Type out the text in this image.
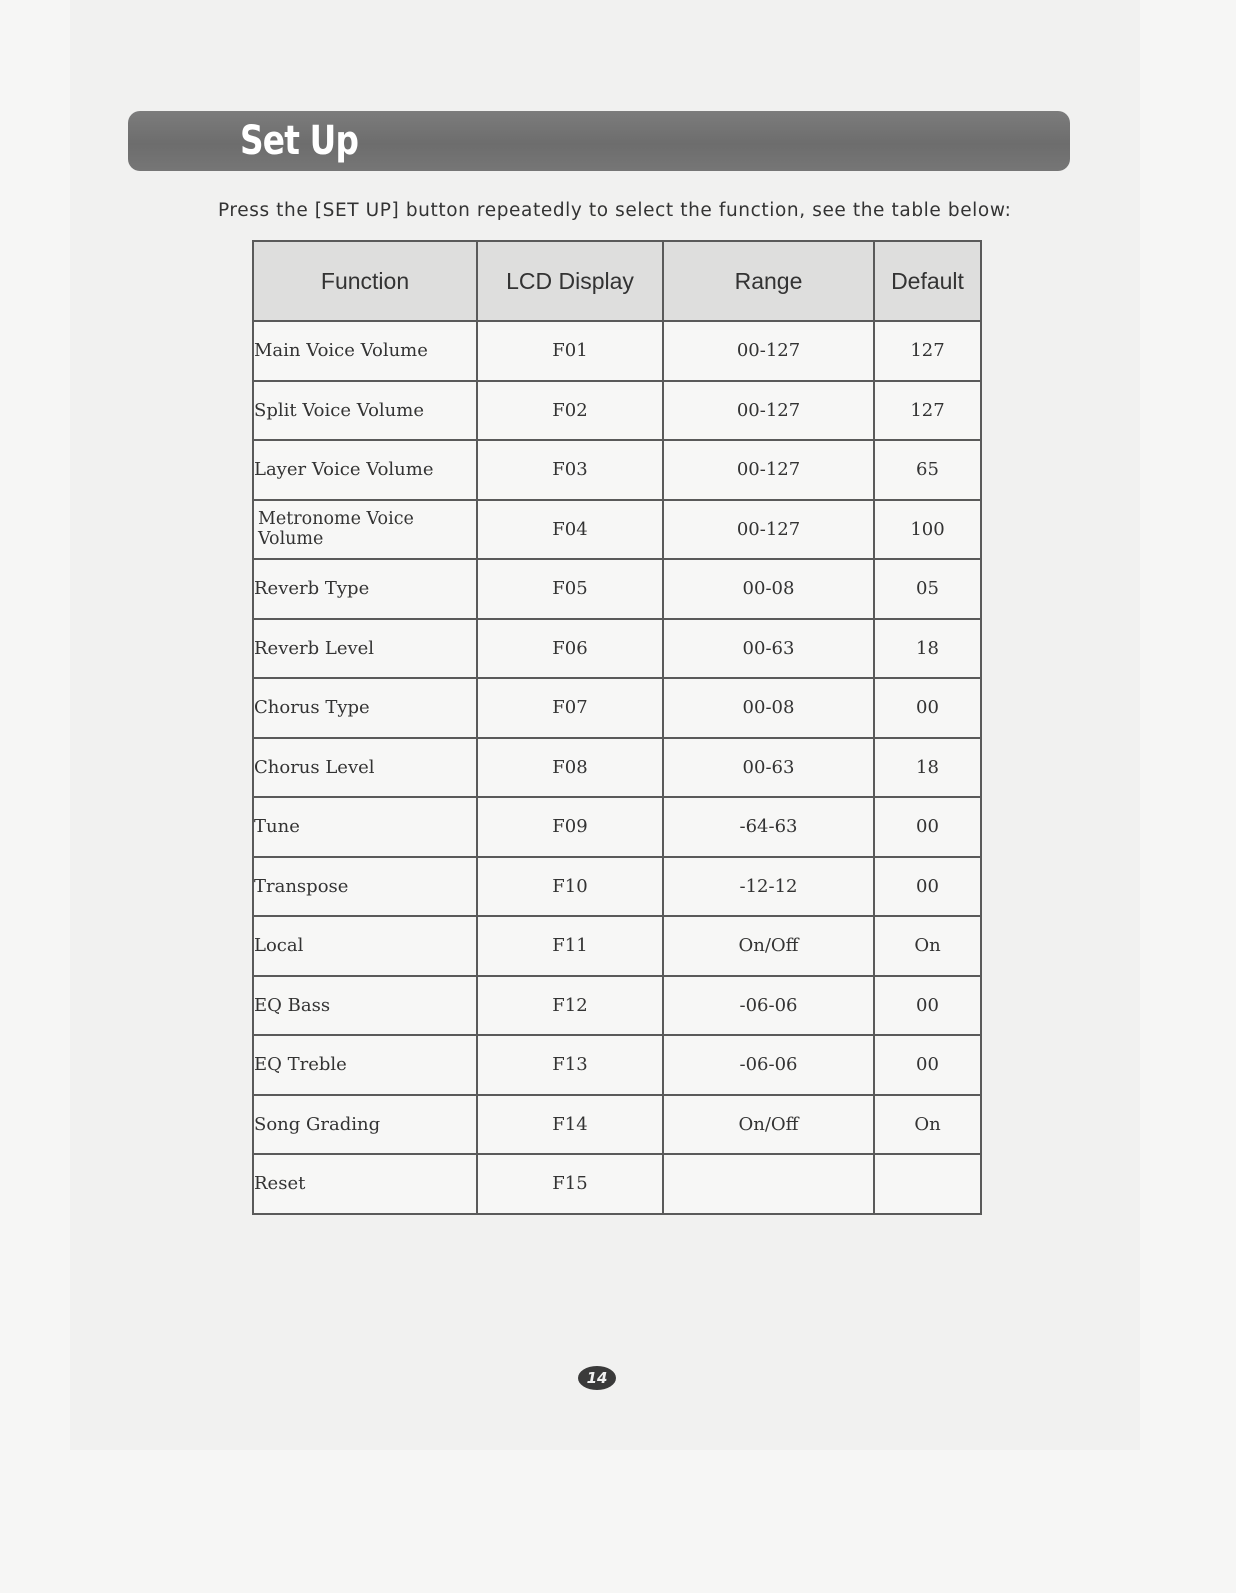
Set Up
Press the [SET UP] button repeatedly to select the function, see the table below:
Function	LCD Display	Range	Default
Main Voice Volume	F01	00-127	127
Split Voice Volume	F02	00-127	127
Layer Voice Volume	F03	00-127	65
Metronome Voice Volume	F04	00-127	100
Reverb Type	F05	00-08	05
Reverb Level	F06	00-63	18
Chorus Type	F07	00-08	00
Chorus Level	F08	00-63	18
Tune	F09	-64-63	00
Transpose	F10	-12-12	00
Local	F11	On/Off	On
EQ Bass	F12	-06-06	00
EQ Treble	F13	-06-06	00
Song Grading	F14	On/Off	On
Reset	F15		
14
